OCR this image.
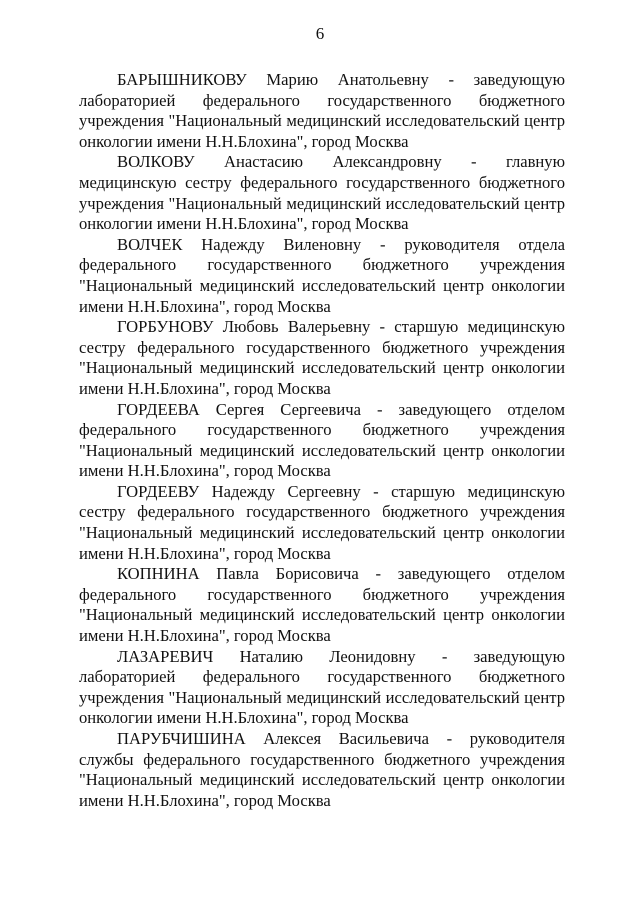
6

БАРЫШНИКОВУ Марию Анатольевну - заведующую лабораторией федерального государственного бюджетного учреждения "Национальный медицинский исследовательский центр онкологии имени Н.Н.Блохина", город Москва

ВОЛКОВУ Анастасию Александровну - главную медицинскую сестру федерального государственного бюджетного учреждения "Национальный медицинский исследовательский центр онкологии имени Н.Н.Блохина", город Москва

ВОЛЧЕК Надежду Виленовну - руководителя отдела федерального государственного бюджетного учреждения "Национальный медицинский исследовательский центр онкологии имени Н.Н.Блохина", город Москва

ГОРБУНОВУ Любовь Валерьевну - старшую медицинскую сестру федерального государственного бюджетного учреждения "Национальный медицинский исследовательский центр онкологии имени Н.Н.Блохина", город Москва

ГОРДЕЕВА Сергея Сергеевича - заведующего отделом федерального государственного бюджетного учреждения "Национальный медицинский исследовательский центр онкологии имени Н.Н.Блохина", город Москва

ГОРДЕЕВУ Надежду Сергеевну - старшую медицинскую сестру федерального государственного бюджетного учреждения "Национальный медицинский исследовательский центр онкологии имени Н.Н.Блохина", город Москва

КОПНИНА Павла Борисовича - заведующего отделом федерального государственного бюджетного учреждения "Национальный медицинский исследовательский центр онкологии имени Н.Н.Блохина", город Москва

ЛАЗАРЕВИЧ Наталию Леонидовну - заведующую лабораторией федерального государственного бюджетного учреждения "Национальный медицинский исследовательский центр онкологии имени Н.Н.Блохина", город Москва

ПАРУБЧИШИНА Алексея Васильевича - руководителя службы федерального государственного бюджетного учреждения "Национальный медицинский исследовательский центр онкологии имени Н.Н.Блохина", город Москва
